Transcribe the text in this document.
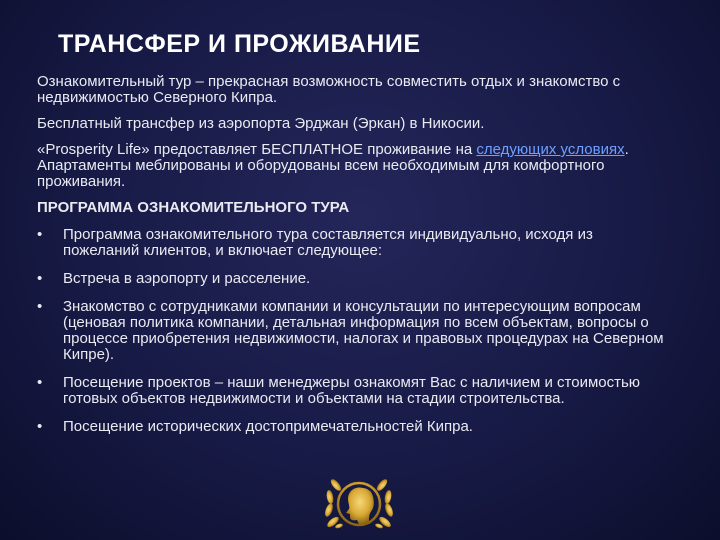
ТРАНСФЕР И ПРОЖИВАНИЕ

Ознакомительный тур – прекрасная возможность совместить отдых и знакомство с недвижимостью Северного Кипра.

Бесплатный трансфер из аэропорта Эрджан (Эркан) в Никосии.

«Prosperity Life» предоставляет БЕСПЛАТНОЕ проживание на следующих условиях. Апартаменты меблированы и оборудованы всем необходимым для комфортного проживания.

ПРОГРАММА ОЗНАКОМИТЕЛЬНОГО ТУРА

• Программа ознакомительного тура составляется индивидуально, исходя из пожеланий клиентов, и включает следующее:
• Встреча в аэропорту и расселение.
• Знакомство с сотрудниками компании и консультации по интересующим вопросам (ценовая политика компании, детальная информация по всем объектам, вопросы о процессе приобретения недвижимости, налогах и правовых процедурах на Северном Кипре).
• Посещение проектов – наши менеджеры ознакомят Вас с наличием и стоимостью готовых объектов недвижимости и объектами на стадии строительства.
• Посещение исторических достопримечательностей Кипра.
